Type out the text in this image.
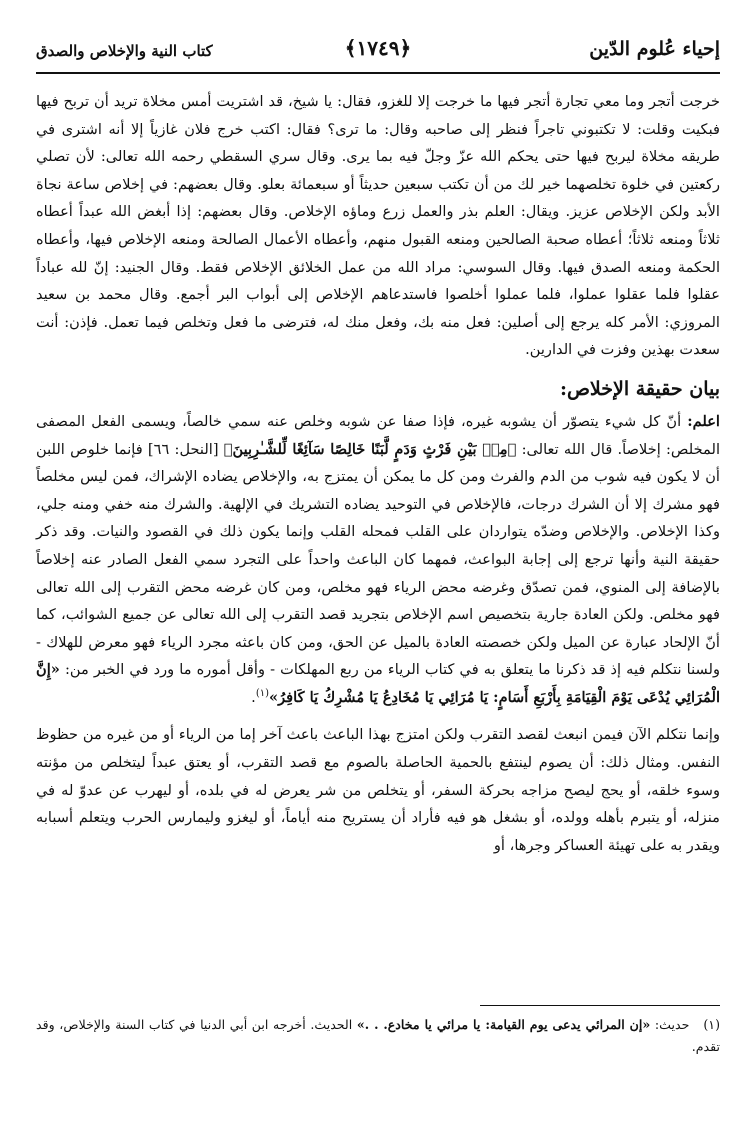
إحياء عُلوم الدّين
﴿١٧٤٩﴾
كتاب النية والإخلاص والصدق

خرجت أتجر وما معي تجارة أتجر فيها ما خرجت إلا للغزو، فقال: يا شيخ، قد اشتريت أمس مخلاة تريد أن تربح فيها فبكيت وقلت: لا تكتبوني تاجراً فنظر إلى صاحبه وقال: ما ترى؟ فقال: اكتب خرج فلان غازياً إلا أنه اشترى في طريقه مخلاة ليربح فيها حتى يحكم الله عزّ وجلّ فيه بما يرى. وقال سري السقطي رحمه الله تعالى: لأن تصلي ركعتين في خلوة تخلصهما خير لك من أن تكتب سبعين حديثاً أو سبعمائة بعلو. وقال بعضهم: في إخلاص ساعة نجاة الأبد ولكن الإخلاص عزيز. ويقال: العلم بذر والعمل زرع وماؤه الإخلاص. وقال بعضهم: إذا أبغض الله عبداً أعطاه ثلاثاً ومنعه ثلاثاً؛ أعطاه صحبة الصالحين ومنعه القبول منهم، وأعطاه الأعمال الصالحة ومنعه الإخلاص فيها، وأعطاه الحكمة ومنعه الصدق فيها. وقال السوسي: مراد الله من عمل الخلائق الإخلاص فقط. وقال الجنيد: إنّ لله عباداً عقلوا فلما عقلوا عملوا، فلما عملوا أخلصوا فاستدعاهم الإخلاص إلى أبواب البر أجمع. وقال محمد بن سعيد المروزي: الأمر كله يرجع إلى أصلين: فعل منه بك، وفعل منك له، فترضى ما فعل وتخلص فيما تعمل. فإذن: أنت سعدت بهذين وفزت في الدارين.

بيان حقيقة الإخلاص:

اعلم: أنّ كل شيء يتصوّر أن يشوبه غيره، فإذا صفا عن شوبه وخلص عنه سمي خالصاً، ويسمى الفعل المصفى المخلص: إخلاصاً. قال الله تعالى: ﴿مِنۢ بَيْنِ فَرْثٍ وَدَمٍ لَّبَنًا خَالِصًا سَآئِغًا لِّلشَّـٰرِبِينَ﴾ [النحل: ٦٦] فإنما خلوص اللبن أن لا يكون فيه شوب من الدم والفرث ومن كل ما يمكن أن يمتزج به، والإخلاص يضاده الإشراك، فمن ليس مخلصاً فهو مشرك إلا أن الشرك درجات، فالإخلاص في التوحيد يضاده التشريك في الإلهية. والشرك منه خفي ومنه جلي، وكذا الإخلاص. والإخلاص وضدّه يتواردان على القلب فمحله القلب وإنما يكون ذلك في القصود والنيات. وقد ذكر حقيقة النية وأنها ترجع إلى إجابة البواعث، فمهما كان الباعث واحداً على التجرد سمي الفعل الصادر عنه إخلاصاً بالإضافة إلى المنوي، فمن تصدّق وغرضه محض الرياء فهو مخلص، ومن كان غرضه محض التقرب إلى الله تعالى فهو مخلص. ولكن العادة جارية بتخصيص اسم الإخلاص بتجريد قصد التقرب إلى الله تعالى عن جميع الشوائب، كما أنّ الإلحاد عبارة عن الميل ولكن خصصته العادة بالميل عن الحق، ومن كان باعثه مجرد الرياء فهو معرض للهلاك - ولسنا نتكلم فيه إذ قد ذكرنا ما يتعلق به في كتاب الرياء من ربع المهلكات - وأقل أموره ما ورد في الخبر من: «إِنَّ الْمُرَائِي يُدْعَى يَوْمَ الْقِيَامَةِ بِأَرْبَعِ أَسَامٍ: يَا مُرَائِي يَا مُخَادِعُ يَا مُشْرِكُ يَا كَافِرُ»$^{(١)}$.

وإنما نتكلم الآن فيمن انبعث لقصد التقرب ولكن امتزج بهذا الباعث باعث آخر إما من الرياء أو من غيره من حظوظ النفس. ومثال ذلك: أن يصوم لينتفع بالحمية الحاصلة بالصوم مع قصد التقرب، أو يعتق عبداً ليتخلص من مؤنته وسوء خلقه، أو يحج ليصح مزاجه بحركة السفر، أو يتخلص من شر يعرض له في بلده، أو ليهرب عن عدوّ له في منزله، أو يتبرم بأهله وولده، أو بشغل هو فيه فأراد أن يستريح منه أياماً، أو ليغزو وليمارس الحرب ويتعلم أسبابه ويقدر به على تهيئة العساكر وجرها، أو

(١)حديث: «إن المرائي يدعى يوم القيامة: يا مرائي يا مخادع. . .» الحديث. أخرجه ابن أبي الدنيا في كتاب السنة والإخلاص، وقد تقدم.
